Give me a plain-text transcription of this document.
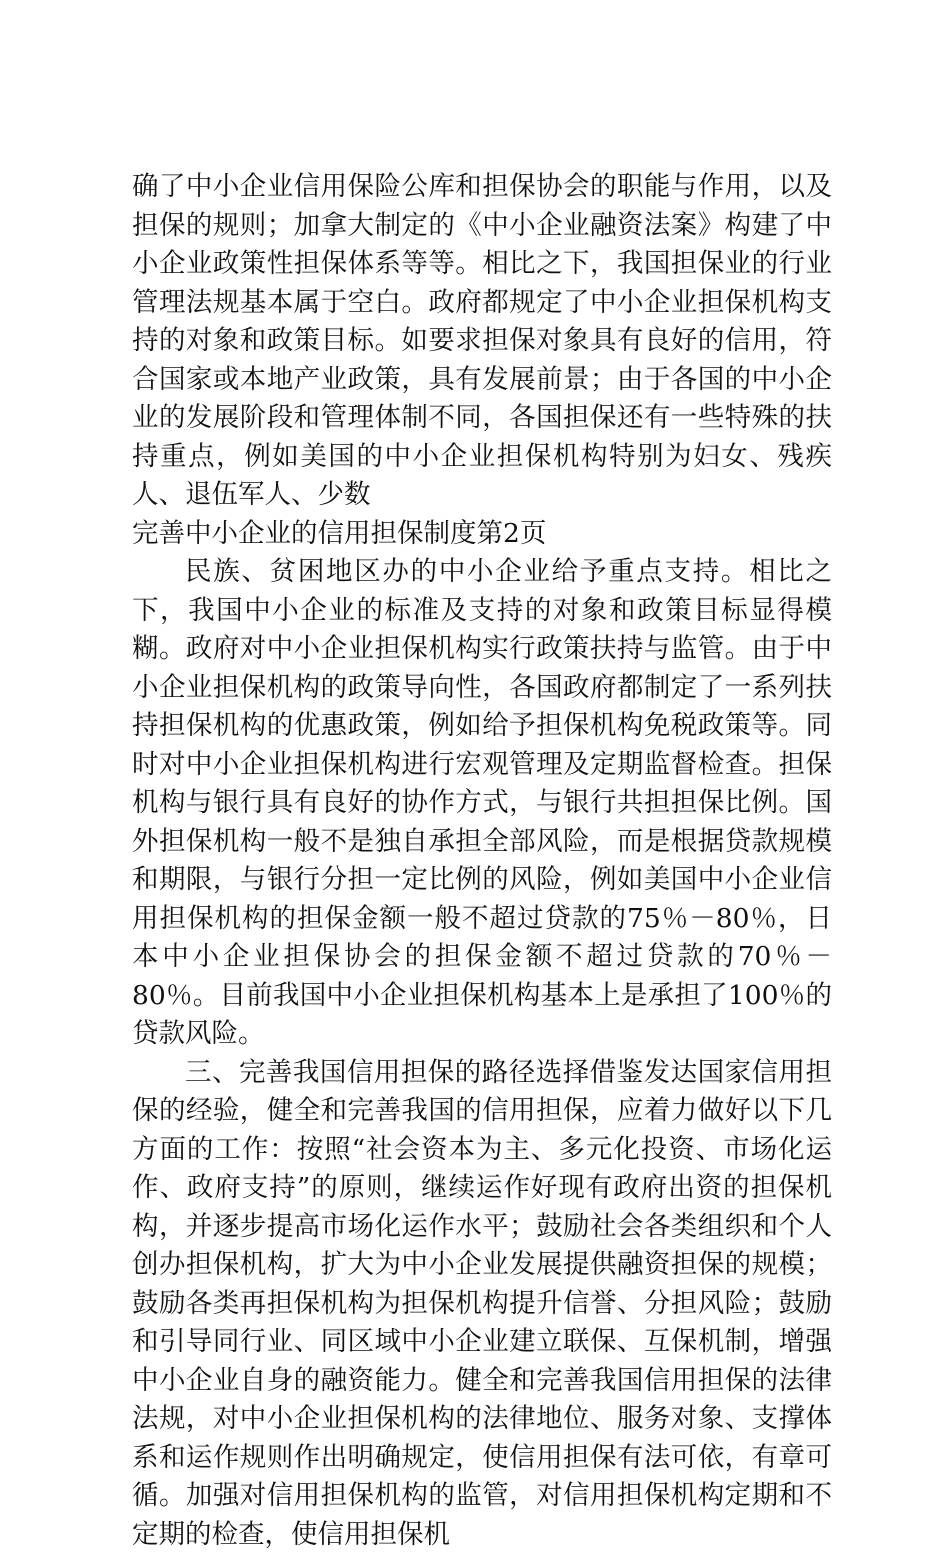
确了中小企业信用保险公库和担保协会的职能与作用，以及担保的规则；加拿大制定的《中小企业融资法案》构建了中小企业政策性担保体系等等。相比之下，我国担保业的行业管理法规基本属于空白。政府都规定了中小企业担保机构支持的对象和政策目标。如要求担保对象具有良好的信用，符合国家或本地产业政策，具有发展前景；由于各国的中小企业的发展阶段和管理体制不同，各国担保还有一些特殊的扶持重点，例如美国的中小企业担保机构特别为妇女、残疾人、退伍军人、少数

完善中小企业的信用担保制度第2页

民族、贫困地区办的中小企业给予重点支持。相比之下，我国中小企业的标准及支持的对象和政策目标显得模糊。政府对中小企业担保机构实行政策扶持与监管。由于中小企业担保机构的政策导向性，各国政府都制定了一系列扶持担保机构的优惠政策，例如给予担保机构免税政策等。同时对中小企业担保机构进行宏观管理及定期监督检查。担保机构与银行具有良好的协作方式，与银行共担担保比例。国外担保机构一般不是独自承担全部风险，而是根据贷款规模和期限，与银行分担一定比例的风险，例如美国中小企业信用担保机构的担保金额一般不超过贷款的75％－80％，日本中小企业担保协会的担保金额不超过贷款的70％－80％。目前我国中小企业担保机构基本上是承担了100％的贷款风险。

三、完善我国信用担保的路径选择借鉴发达国家信用担保的经验，健全和完善我国的信用担保，应着力做好以下几方面的工作：按照“社会资本为主、多元化投资、市场化运作、政府支持”的原则，继续运作好现有政府出资的担保机构，并逐步提高市场化运作水平；鼓励社会各类组织和个人创办担保机构，扩大为中小企业发展提供融资担保的规模；鼓励各类再担保机构为担保机构提升信誉、分担风险；鼓励和引导同行业、同区域中小企业建立联保、互保机制，增强中小企业自身的融资能力。健全和完善我国信用担保的法律法规，对中小企业担保机构的法律地位、服务对象、支撑体系和运作规则作出明确规定，使信用担保有法可依，有章可循。加强对信用担保机构的监管，对信用担保机构定期和不定期的检查，使信用担保机
